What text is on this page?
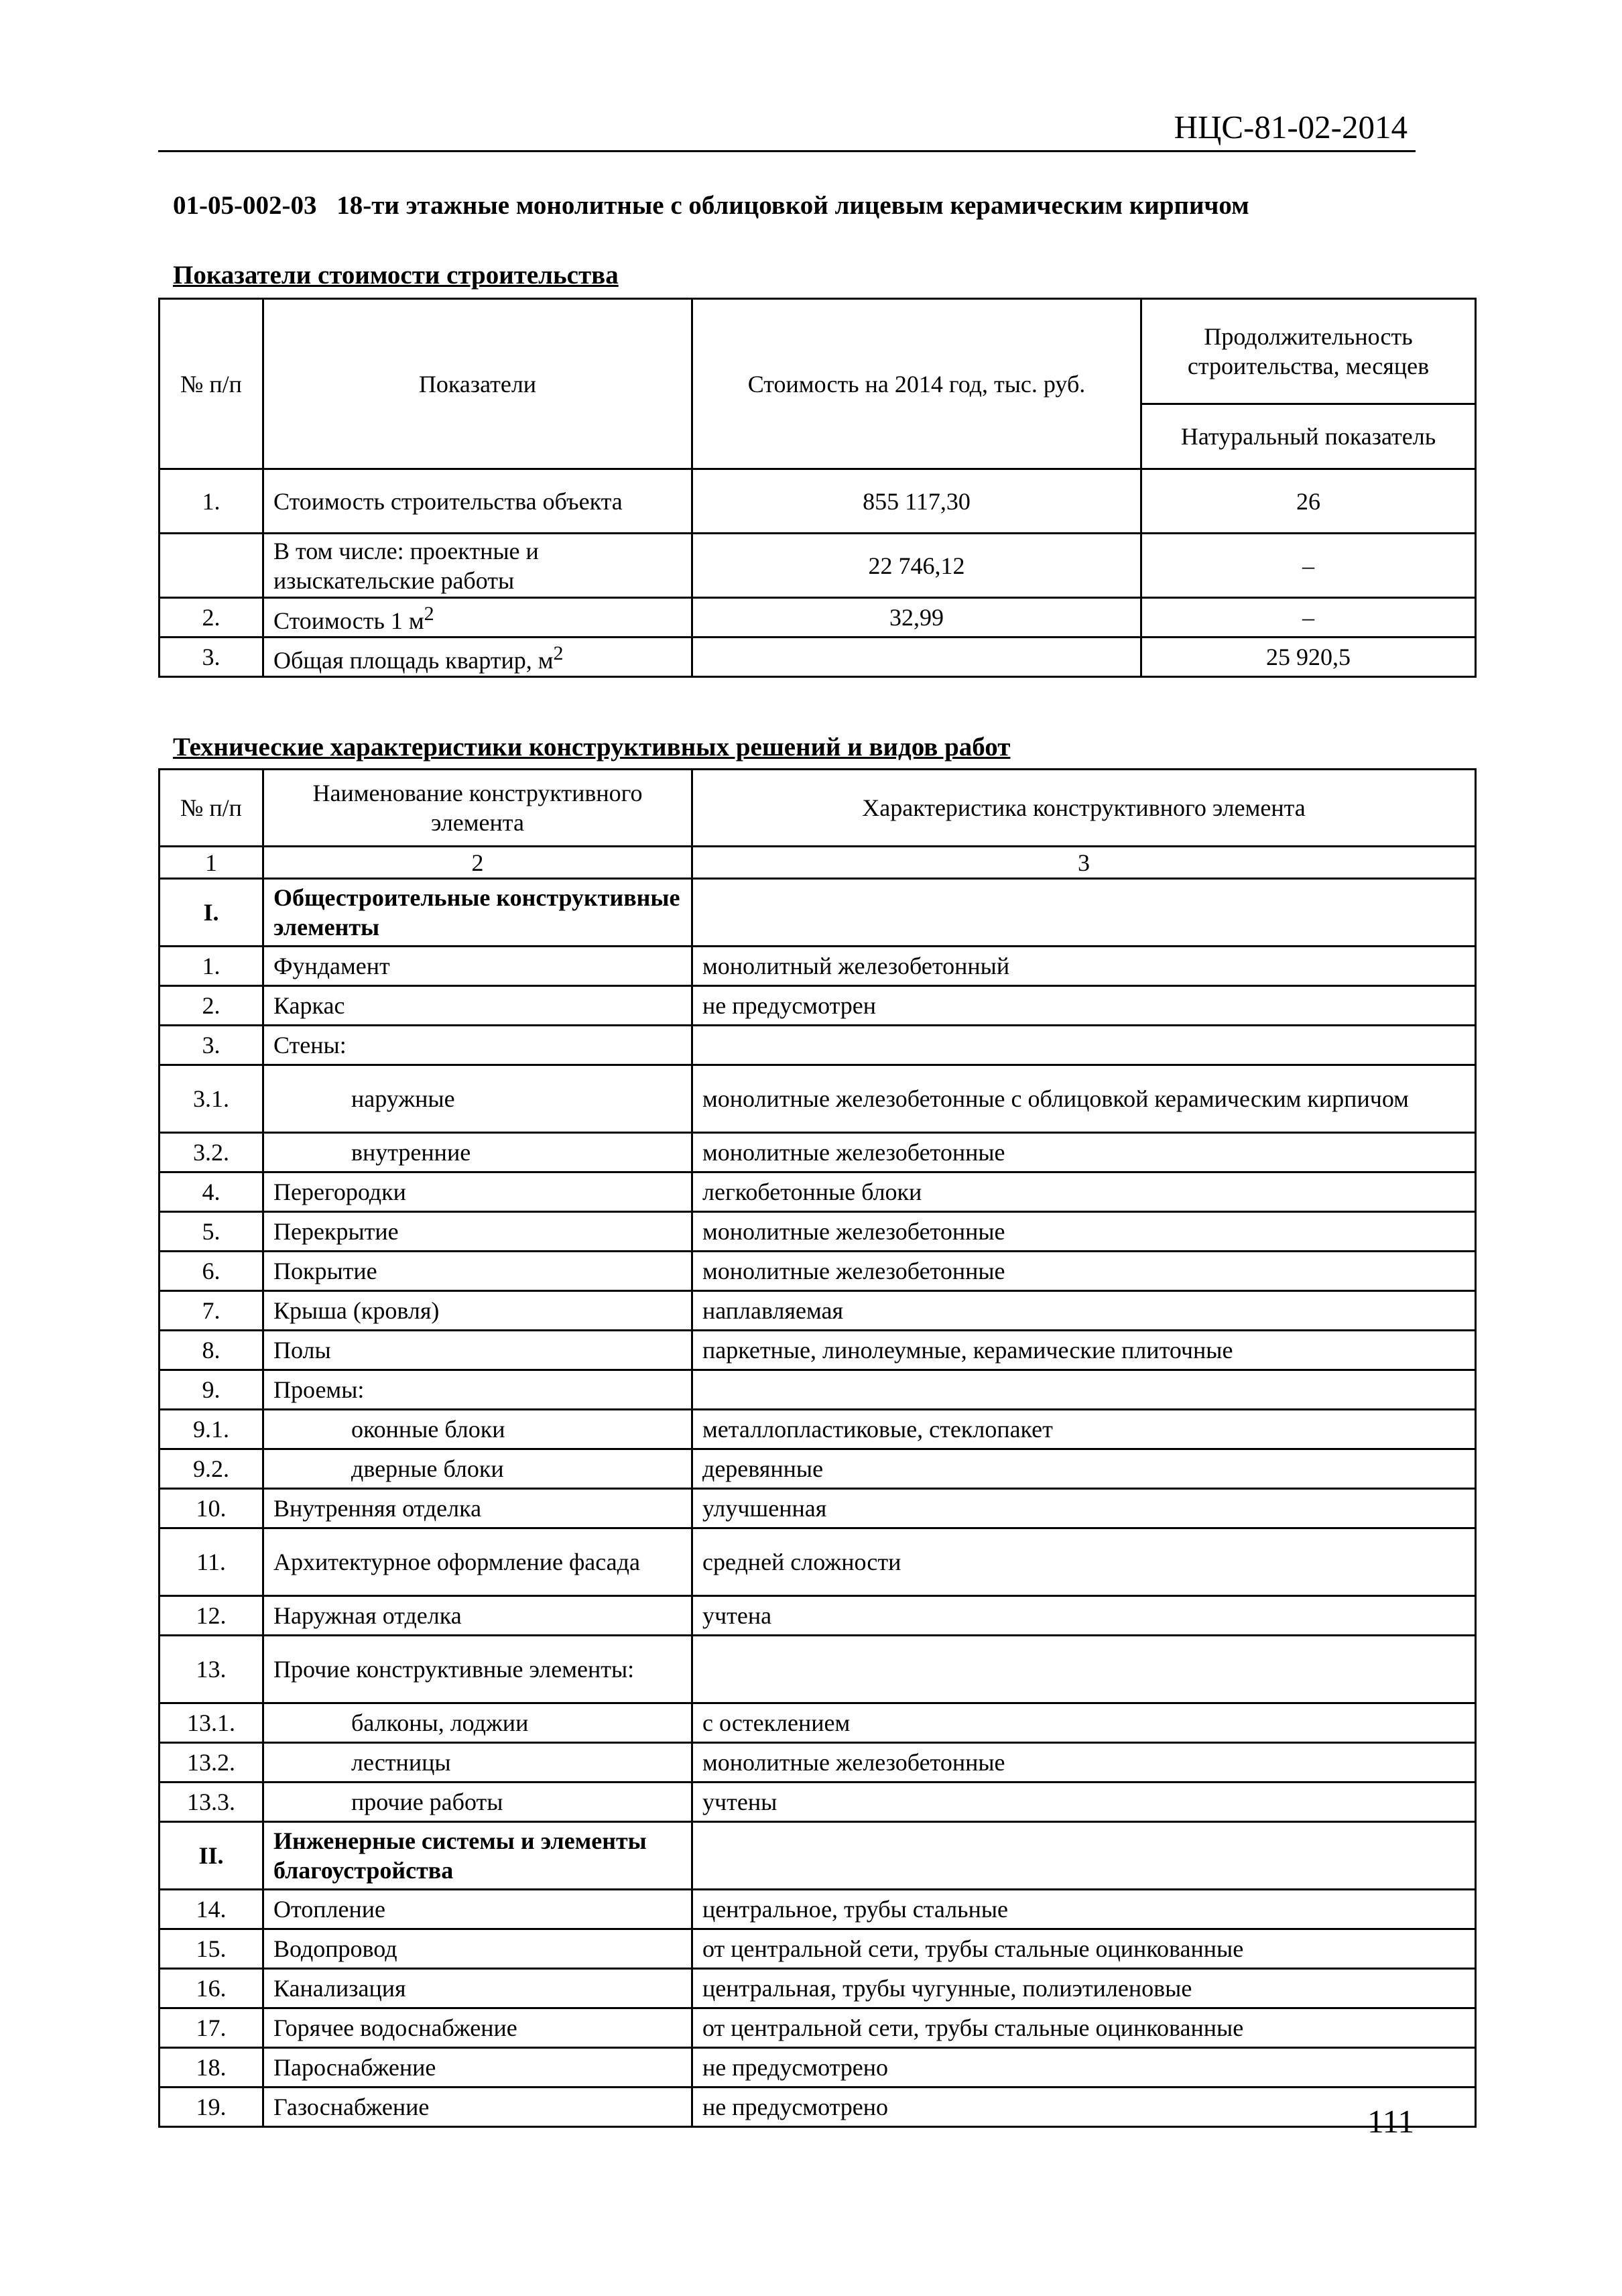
НЦС-81-02-2014
01-05-002-03 18-ти этажные монолитные с облицовкой лицевым керамическим кирпичом
Показатели стоимости строительства
№ п/п	Показатели	Стоимость на 2014 год, тыс. руб.	Продолжительность строительства, месяцев
			Натуральный показатель
1.	Стоимость строительства объекта	855 117,30	26
	В том числе: проектные и изыскательские работы	22 746,12	–
2.	Стоимость 1 $м^2$	32,99	–
3.	Общая площадь квартир, $м^2$		25 920,5
Технические характеристики конструктивных решений и видов работ
№ п/п	Наименование конструктивного элемента	Характеристика конструктивного элемента
1	2	3
I.	Общестроительные конструктивные элементы	
1.	Фундамент	монолитный железобетонный
2.	Каркас	не предусмотрен
3.	Стены:	
3.1.	наружные	монолитные железобетонные с облицовкой керамическим кирпичом
3.2.	внутренние	монолитные железобетонные
4.	Перегородки	легкобетонные блоки
5.	Перекрытие	монолитные железобетонные
6.	Покрытие	монолитные железобетонные
7.	Крыша (кровля)	наплавляемая
8.	Полы	паркетные, линолеумные, керамические плиточные
9.	Проемы:	
9.1.	оконные блоки	металлопластиковые, стеклопакет
9.2.	дверные блоки	деревянные
10.	Внутренняя отделка	улучшенная
11.	Архитектурное оформление фасада	средней сложности
12.	Наружная отделка	учтена
13.	Прочие конструктивные элементы:	
13.1.	балконы, лоджии	с остеклением
13.2.	лестницы	монолитные железобетонные
13.3.	прочие работы	учтены
II.	Инженерные системы и элементы благоустройства	
14.	Отопление	центральное, трубы стальные
15.	Водопровод	от центральной сети, трубы стальные оцинкованные
16.	Канализация	центральная, трубы чугунные, полиэтиленовые
17.	Горячее водоснабжение	от центральной сети, трубы стальные оцинкованные
18.	Пароснабжение	не предусмотрено
19.	Газоснабжение	не предусмотрено	111
